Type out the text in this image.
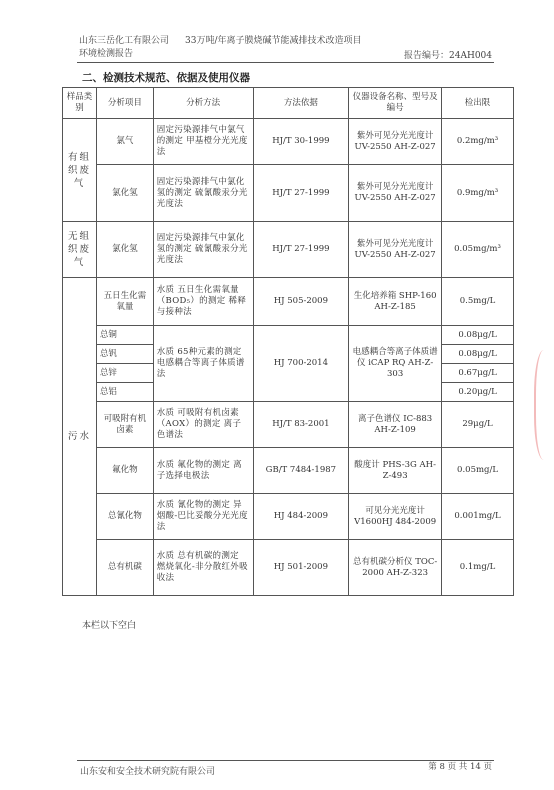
山东三岳化工有限公司 33万吨/年离子膜烧碱节能减排技术改造项目
环境检测报告	报告编号：24AH004
二、检测技术规范、依据及使用仪器
样品类别	分析项目	分析方法	方法依据	仪器设备名称、型号及编号	检出限
有组织废气	氯气	固定污染源排气中氯气的测定 甲基橙分光光度法	HJ/T 30-1999	紫外可见分光光度计 UV-2550 AH-Z-027	0.2mg/m³
	氯化氢	固定污染源排气中氯化氢的测定 硫氰酸汞分光光度法	HJ/T 27-1999	紫外可见分光光度计 UV-2550 AH-Z-027	0.9mg/m³
无组织废气	氯化氢	固定污染源排气中氯化氢的测定 硫氰酸汞分光光度法	HJ/T 27-1999	紫外可见分光光度计 UV-2550 AH-Z-027	0.05mg/m³
污水	五日生化需氧量	水质 五日生化需氧量（BOD₅）的测定 稀释与接种法	HJ 505-2009	生化培养箱 SHP-160 AH-Z-185	0.5mg/L
	总铜	水质 65种元素的测定 电感耦合等离子体质谱法	HJ 700-2014	电感耦合等离子体质谱仪 iCAP RQ AH-Z-303	0.08μg/L
	总钒				0.08μg/L
	总锌				0.67μg/L
	总铝				0.20μg/L
	可吸附有机卤素	水质 可吸附有机卤素（AOX）的测定 离子色谱法	HJ/T 83-2001	离子色谱仪 IC-883 AH-Z-109	29μg/L
	氟化物	水质 氟化物的测定 离子选择电极法	GB/T 7484-1987	酸度计 PHS-3G AH-Z-493	0.05mg/L
	总氰化物	水质 氰化物的测定 异烟酸-巴比妥酸分光光度法	HJ 484-2009	可见分光光度计 V1600HJ 484-2009	0.001mg/L
	总有机碳	水质 总有机碳的测定 燃烧氧化-非分散红外吸收法	HJ 501-2009	总有机碳分析仪 TOC-2000 AH-Z-323	0.1mg/L
本栏以下空白
山东安和安全技术研究院有限公司	第 8 页 共 14 页
